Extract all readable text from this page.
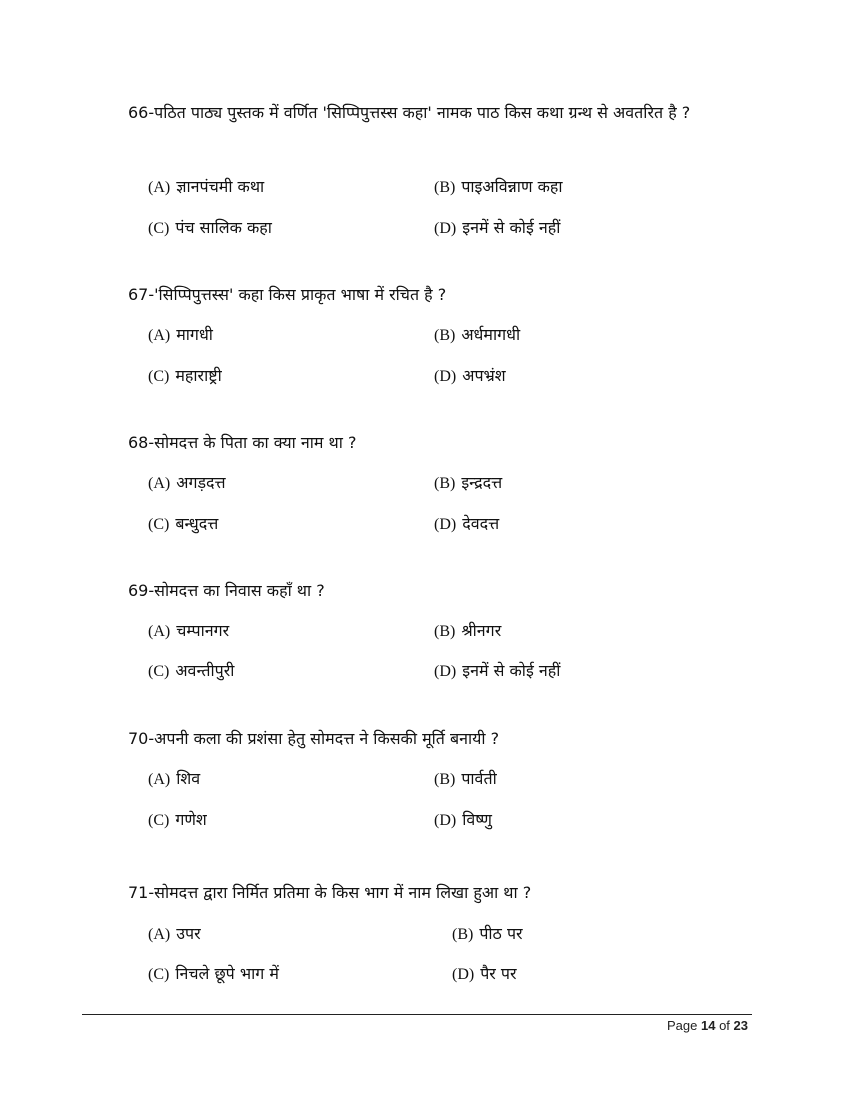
66-पठित पाठ्य पुस्तक में वर्णित 'सिप्पिपुत्तस्स कहा' नामक पाठ किस कथा ग्रन्थ से अवतरित है ?

(A) ज्ञानपंचमी कथा	(B) पाइअविन्नाण कहा
(C) पंच सालिक कहा	(D) इनमें से कोई नहीं

67-'सिप्पिपुत्तस्स' कहा किस प्राकृत भाषा में रचित है ?

(A) मागधी	(B) अर्धमागधी
(C) महाराष्ट्री	(D) अपभ्रंश

68-सोमदत्त के पिता का क्या नाम था ?

(A) अगड़दत्त	(B) इन्द्रदत्त
(C) बन्धुदत्त	(D) देवदत्त

69-सोमदत्त का निवास कहाँ था ?

(A) चम्पानगर	(B) श्रीनगर
(C) अवन्तीपुरी	(D) इनमें से कोई नहीं

70-अपनी कला की प्रशंसा हेतु सोमदत्त ने किसकी मूर्ति बनायी ?

(A) शिव	(B) पार्वती
(C) गणेश	(D) विष्णु

71-सोमदत्त द्वारा निर्मित प्रतिमा के किस भाग में नाम लिखा हुआ था ?

(A) उपर	(B) पीठ पर
(C) निचले छूपे भाग में	(D) पैर पर
Page 14 of 23
